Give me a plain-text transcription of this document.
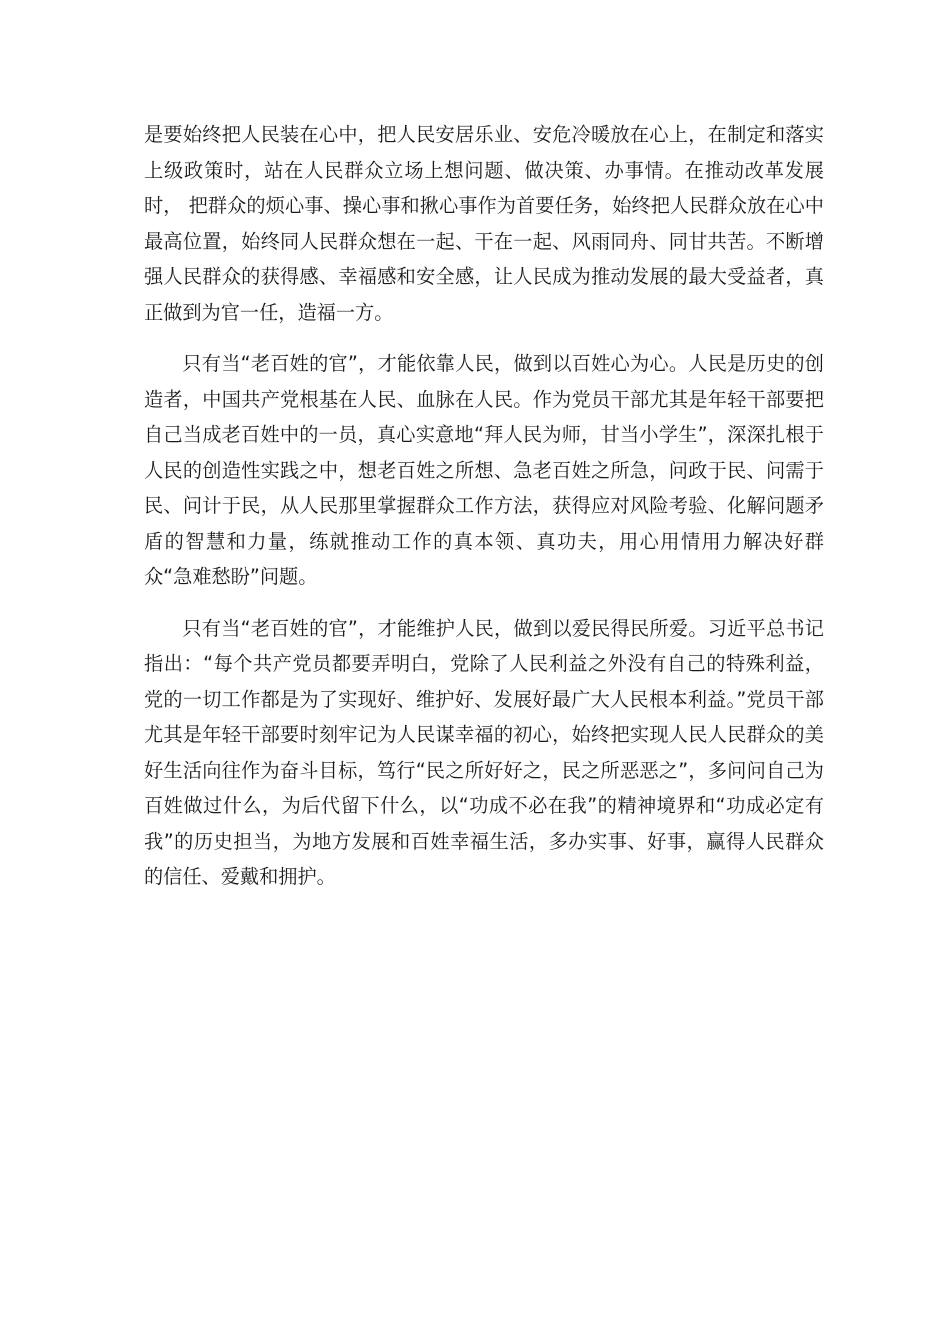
是要始终把人民装在心中，把人民安居乐业、安危冷暖放在心上，在制定和落实上级政策时，站在人民群众立场上想问题、做决策、办事情。在推动改革发展时， 把群众的烦心事、操心事和揪心事作为首要任务，始终把人民群众放在心中最高位置，始终同人民群众想在一起、干在一起、风雨同舟、同甘共苦。不断增强人民群众的获得感、幸福感和安全感，让人民成为推动发展的最大受益者，真正做到为官一任，造福一方。

只有当“老百姓的官”，才能依靠人民，做到以百姓心为心。人民是历史的创造者，中国共产党根基在人民、血脉在人民。作为党员干部尤其是年轻干部要把自己当成老百姓中的一员，真心实意地“拜人民为师，甘当小学生”，深深扎根于人民的创造性实践之中，想老百姓之所想、急老百姓之所急，问政于民、问需于民、问计于民，从人民那里掌握群众工作方法，获得应对风险考验、化解问题矛盾的智慧和力量，练就推动工作的真本领、真功夫，用心用情用力解决好群众“急难愁盼”问题。

只有当“老百姓的官”，才能维护人民，做到以爱民得民所爱。习近平总书记指出：“每个共产党员都要弄明白，党除了人民利益之外没有自己的特殊利益，党的一切工作都是为了实现好、维护好、发展好最广大人民根本利益。”党员干部尤其是年轻干部要时刻牢记为人民谋幸福的初心，始终把实现人民人民群众的美好生活向往作为奋斗目标，笃行“民之所好好之，民之所恶恶之”，多问问自己为百姓做过什么，为后代留下什么，以“功成不必在我”的精神境界和“功成必定有我”的历史担当，为地方发展和百姓幸福生活，多办实事、好事，赢得人民群众的信任、爱戴和拥护。
